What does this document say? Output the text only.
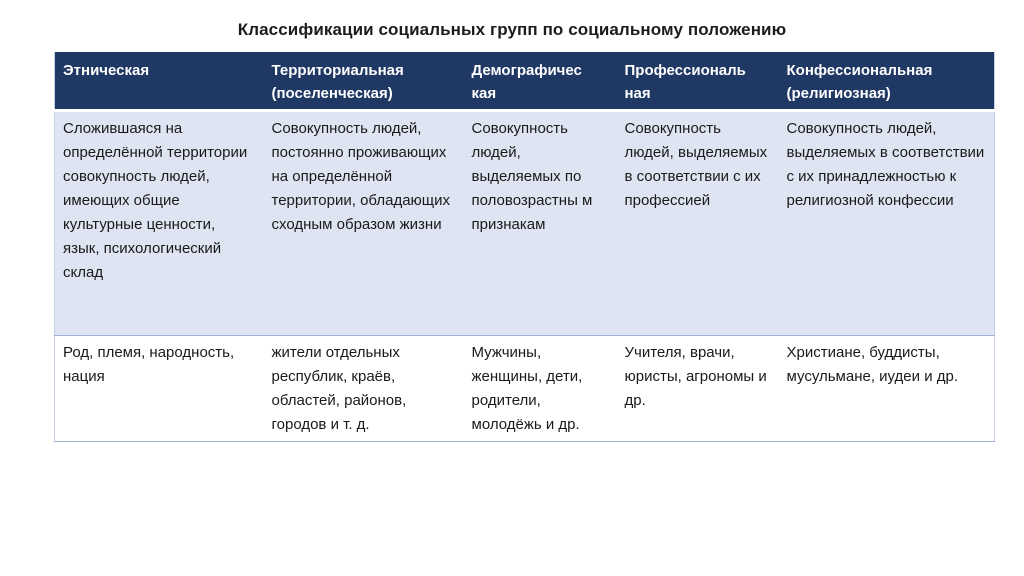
Классификации социальных групп по социальному положению
Этническая	Территориальная (поселенческая)	Демографичес кая	Профессиональ ная	Конфессиональная (религиозная)
Сложившаяся на определённой территории совокупность людей, имеющих общие культурные ценности, язык, психологический склад	Совокупность людей, постоянно проживающих на определённой территории, обладающих сходным образом жизни	Совокупность людей, выделяемых по половозрастны м признакам	Совокупность людей, выделяемых в соответствии с их профессией	Совокупность людей, выделяемых в соответствии с их принадлежностью к религиозной конфессии
Род, племя, народность, нация	жители отдельных республик, краёв, областей, районов, городов и т. д.	Мужчины, женщины, дети, родители, молодёжь и др.	Учителя, врачи, юристы, агрономы и др.	Христиане, буддисты, мусульмане, иудеи и др.
